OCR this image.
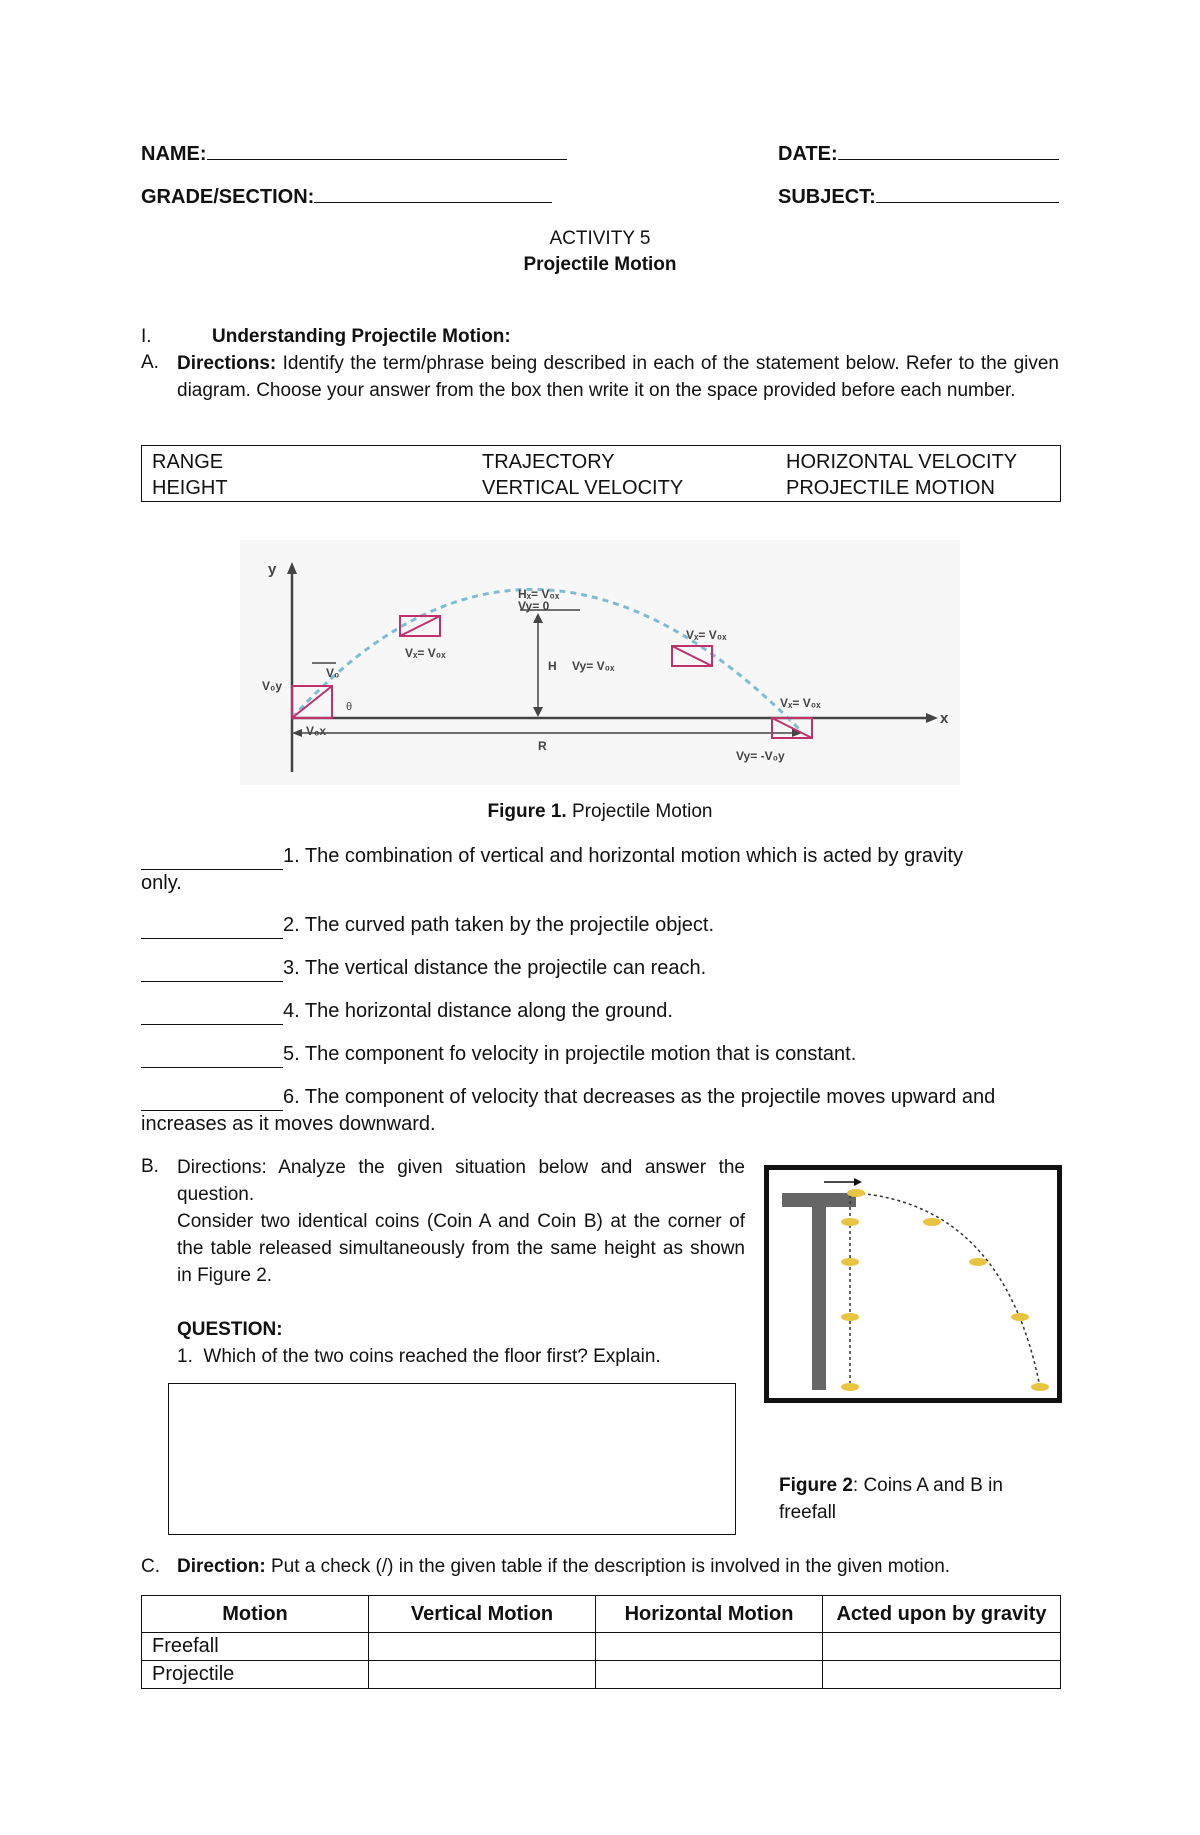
NAME:	DATE:
GRADE/SECTION:	SUBJECT:
ACTIVITY 5
Projectile Motion
I.	Understanding Projectile Motion:
A. Directions: Identify the term/phrase being described in each of the statement below. Refer to the given diagram. Choose your answer from the box then write it on the space provided before each number.
RANGE	TRAJECTORY	HORIZONTAL VELOCITY
HEIGHT	VERTICAL VELOCITY	PROJECTILE MOTION
y
x
V₀y
V₀
θ
V₀x
R
Vₓ= V₀ₓ
Vₓ= V₀ₓ
Vₓ= V₀ₓ
Vy= -V₀y
Hₓ= V₀ₓ
Vy= 0
H Vy= V₀ₓ
Figure 1. Projectile Motion
1. The combination of vertical and horizontal motion which is acted by gravity
only.
2. The curved path taken by the projectile object.
3. The vertical distance the projectile can reach.
4. The horizontal distance along the ground.
5. The component fo velocity in projectile motion that is constant.
6. The component of velocity that decreases as the projectile moves upward and
increases as it moves downward.
B. Directions: Analyze the given situation below and answer the question.
Consider two identical coins (Coin A and Coin B) at the corner of the table released simultaneously from the same height as shown in Figure 2.
QUESTION:
1. Which of the two coins reached the floor first? Explain.
Figure 2: Coins A and B in freefall
C. Direction: Put a check (/) in the given table if the description is involved in the given motion.
Motion	Vertical Motion	Horizontal Motion	Acted upon by gravity
Freefall			
Projectile			
